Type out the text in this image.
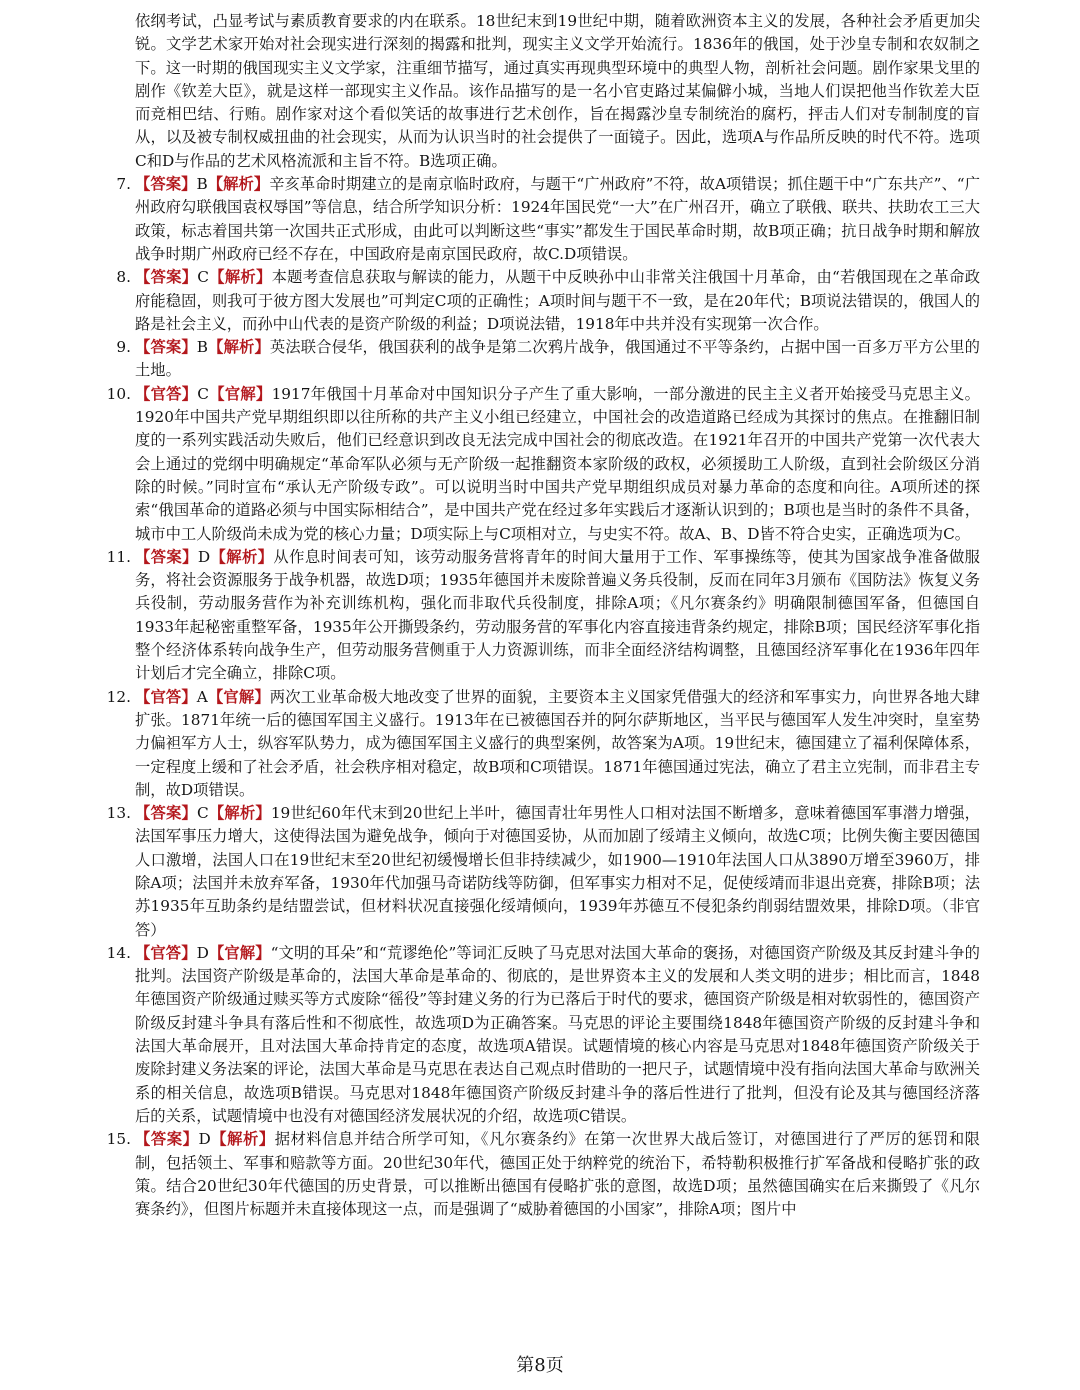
依纲考试，凸显考试与素质教育要求的内在联系。18世纪末到19世纪中期，随着欧洲资本主义的发展，各种社会矛盾更加尖锐。文学艺术家开始对社会现实进行深刻的揭露和批判，现实主义文学开始流行。1836年的俄国，处于沙皇专制和农奴制之下。这一时期的俄国现实主义文学家，注重细节描写，通过真实再现典型环境中的典型人物，剖析社会问题。剧作家果戈里的剧作《钦差大臣》，就是这样一部现实主义作品。该作品描写的是一名小官吏路过某偏僻小城，当地人们误把他当作钦差大臣而竞相巴结、行贿。剧作家对这个看似笑话的故事进行艺术创作，旨在揭露沙皇专制统治的腐朽，抨击人们对专制制度的盲从，以及被专制权威扭曲的社会现实，从而为认识当时的社会提供了一面镜子。因此，选项A与作品所反映的时代不符。选项C和D与作品的艺术风格流派和主旨不符。B选项正确。

7. 【答案】B【解析】辛亥革命时期建立的是南京临时政府，与题干“广州政府”不符，故A项错误；抓住题干中“广东共产”、“广州政府勾联俄国袁权辱国”等信息，结合所学知识分析：1924年国民党“一大”在广州召开，确立了联俄、联共、扶助农工三大政策，标志着国共第一次国共正式形成，由此可以判断这些“事实”都发生于国民革命时期，故B项正确；抗日战争时期和解放战争时期广州政府已经不存在，中国政府是南京国民政府，故C.D项错误。

8. 【答案】C【解析】本题考查信息获取与解读的能力，从题干中反映孙中山非常关注俄国十月革命，由“若俄国现在之革命政府能稳固，则我可于彼方图大发展也”可判定C项的正确性；A项时间与题干不一致，是在20年代；B项说法错误的，俄国人的路是社会主义，而孙中山代表的是资产阶级的利益；D项说法错，1918年中共并没有实现第一次合作。

9. 【答案】B【解析】英法联合侵华，俄国获利的战争是第二次鸦片战争，俄国通过不平等条约，占据中国一百多万平方公里的土地。

10. 【官答】C【官解】1917年俄国十月革命对中国知识分子产生了重大影响，一部分激进的民主主义者开始接受马克思主义。1920年中国共产党早期组织即以往所称的共产主义小组已经建立，中国社会的改造道路已经成为其探讨的焦点。在推翻旧制度的一系列实践活动失败后，他们已经意识到改良无法完成中国社会的彻底改造。在1921年召开的中国共产党第一次代表大会上通过的党纲中明确规定“革命军队必须与无产阶级一起推翻资本家阶级的政权，必须援助工人阶级，直到社会阶级区分消除的时候。”同时宣布“承认无产阶级专政”。可以说明当时中国共产党早期组织成员对暴力革命的态度和向往。A项所述的探索“俄国革命的道路必须与中国实际相结合”，是中国共产党在经过多年实践后才逐渐认识到的；B项也是当时的条件不具备，城市中工人阶级尚未成为党的核心力量；D项实际上与C项相对立，与史实不符。故A、B、D皆不符合史实，正确选项为C。

11. 【答案】D【解析】从作息时间表可知，该劳动服务营将青年的时间大量用于工作、军事操练等，使其为国家战争准备做服务，将社会资源服务于战争机器，故选D项；1935年德国并未废除普遍义务兵役制，反而在同年3月颁布《国防法》恢复义务兵役制，劳动服务营作为补充训练机构，强化而非取代兵役制度，排除A项；《凡尔赛条约》明确限制德国军备，但德国自1933年起秘密重整军备，1935年公开撕毁条约，劳动服务营的军事化内容直接违背条约规定，排除B项；国民经济军事化指整个经济体系转向战争生产，但劳动服务营侧重于人力资源训练，而非全面经济结构调整，且德国经济军事化在1936年四年计划后才完全确立，排除C项。

12. 【官答】A【官解】两次工业革命极大地改变了世界的面貌，主要资本主义国家凭借强大的经济和军事实力，向世界各地大肆扩张。1871年统一后的德国军国主义盛行。1913年在已被德国吞并的阿尔萨斯地区，当平民与德国军人发生冲突时，皇室势力偏袒军方人士，纵容军队势力，成为德国军国主义盛行的典型案例，故答案为A项。19世纪末，德国建立了福利保障体系，一定程度上缓和了社会矛盾，社会秩序相对稳定，故B项和C项错误。1871年德国通过宪法，确立了君主立宪制，而非君主专制，故D项错误。

13. 【答案】C【解析】19世纪60年代末到20世纪上半叶，德国青壮年男性人口相对法国不断增多，意味着德国军事潜力增强，法国军事压力增大，这使得法国为避免战争，倾向于对德国妥协，从而加剧了绥靖主义倾向，故选C项；比例失衡主要因德国人口激增，法国人口在19世纪末至20世纪初缓慢增长但非持续减少，如1900—1910年法国人口从3890万增至3960万，排除A项；法国并未放弃军备，1930年代加强马奇诺防线等防御，但军事实力相对不足，促使绥靖而非退出竞赛，排除B项；法苏1935年互助条约是结盟尝试，但材料状况直接强化绥靖倾向，1939年苏德互不侵犯条约削弱结盟效果，排除D项。（非官答）

14. 【官答】D【官解】“文明的耳朵”和“荒谬绝伦”等词汇反映了马克思对法国大革命的褒扬，对德国资产阶级及其反封建斗争的批判。法国资产阶级是革命的，法国大革命是革命的、彻底的，是世界资本主义的发展和人类文明的进步；相比而言，1848年德国资产阶级通过赎买等方式废除“徭役”等封建义务的行为已落后于时代的要求，德国资产阶级是相对软弱性的，德国资产阶级反封建斗争具有落后性和不彻底性，故选项D为正确答案。马克思的评论主要围绕1848年德国资产阶级的反封建斗争和法国大革命展开，且对法国大革命持肯定的态度，故选项A错误。试题情境的核心内容是马克思对1848年德国资产阶级关于废除封建义务法案的评论，法国大革命是马克思在表达自己观点时借助的一把尺子，试题情境中没有指向法国大革命与欧洲关系的相关信息，故选项B错误。马克思对1848年德国资产阶级反封建斗争的落后性进行了批判，但没有论及其与德国经济落后的关系，试题情境中也没有对德国经济发展状况的介绍，故选项C错误。

15. 【答案】D【解析】据材料信息并结合所学可知，《凡尔赛条约》在第一次世界大战后签订，对德国进行了严厉的惩罚和限制，包括领土、军事和赔款等方面。20世纪30年代，德国正处于纳粹党的统治下，希特勒积极推行扩军备战和侵略扩张的政策。结合20世纪30年代德国的历史背景，可以推断出德国有侵略扩张的意图，故选D项；虽然德国确实在后来撕毁了《凡尔赛条约》，但图片标题并未直接体现这一点，而是强调了“威胁着德国的小国家”，排除A项；图片中

第8页
